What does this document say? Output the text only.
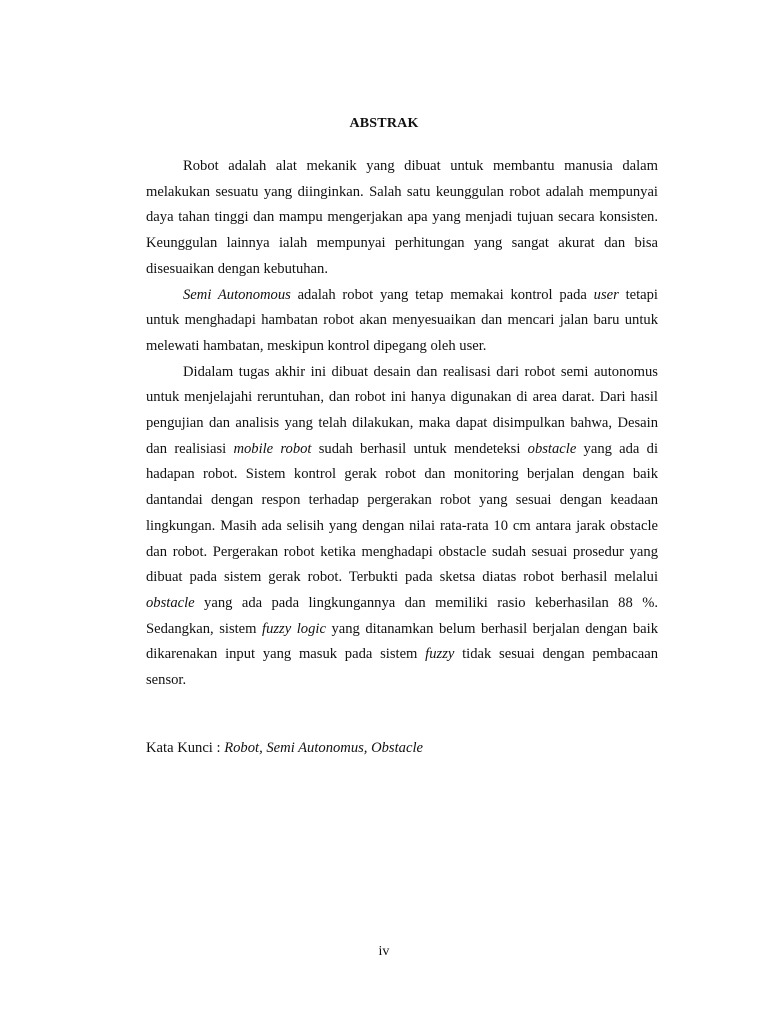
ABSTRAK

Robot adalah alat mekanik yang dibuat untuk membantu manusia dalam melakukan sesuatu yang diinginkan. Salah satu keunggulan robot adalah mempunyai daya tahan tinggi dan mampu mengerjakan apa yang menjadi tujuan secara konsisten. Keunggulan lainnya ialah mempunyai perhitungan yang sangat akurat dan bisa disesuaikan dengan kebutuhan.

Semi Autonomous adalah robot yang tetap memakai kontrol pada user tetapi untuk menghadapi hambatan robot akan menyesuaikan dan mencari jalan baru untuk melewati hambatan, meskipun kontrol dipegang oleh user.

Didalam tugas akhir ini dibuat desain dan realisasi dari robot semi autonomus untuk menjelajahi reruntuhan, dan robot ini hanya digunakan di area darat. Dari hasil pengujian dan analisis yang telah dilakukan, maka dapat disimpulkan bahwa, Desain dan realisiasi mobile robot sudah berhasil untuk mendeteksi obstacle yang ada di hadapan robot. Sistem kontrol gerak robot dan monitoring berjalan dengan baik dantandai dengan respon terhadap pergerakan robot yang sesuai dengan keadaan lingkungan. Masih ada selisih yang dengan nilai rata-rata 10 cm antara jarak obstacle dan robot. Pergerakan robot ketika menghadapi obstacle sudah sesuai prosedur yang dibuat pada sistem gerak robot. Terbukti pada sketsa diatas robot berhasil melalui obstacle yang ada pada lingkungannya dan memiliki rasio keberhasilan 88 %. Sedangkan, sistem fuzzy logic yang ditanamkan belum berhasil berjalan dengan baik dikarenakan input yang masuk pada sistem fuzzy tidak sesuai dengan pembacaan sensor.

Kata Kunci : Robot, Semi Autonomus, Obstacle
iv
